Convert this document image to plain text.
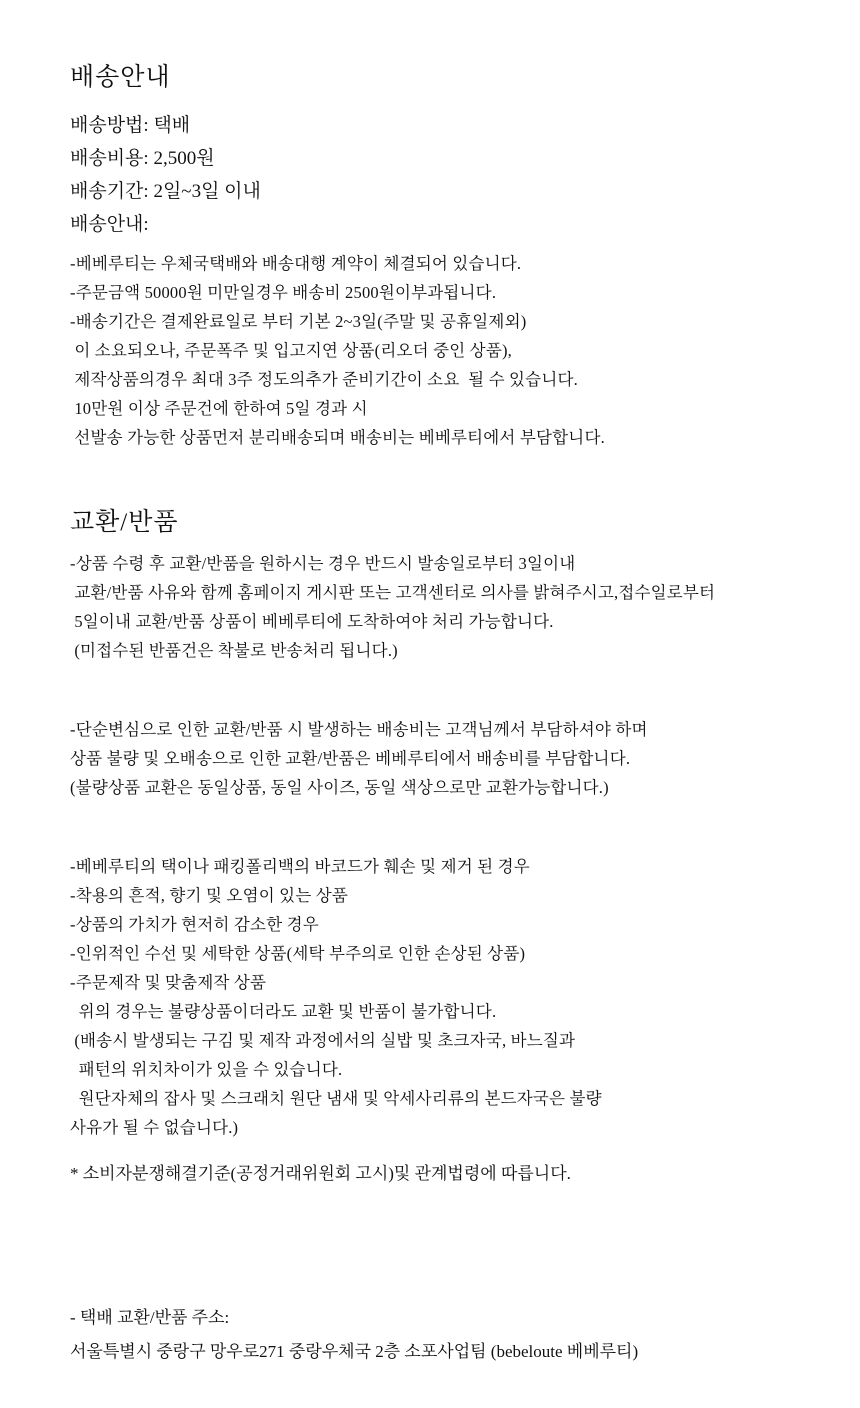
배송안내
배송방법: 택배
배송비용: 2,500원
배송기간: 2일~3일 이내
배송안내:
-베베루티는 우체국택배와 배송대행 계약이 체결되어 있습니다.
-주문금액 50000원 미만일경우 배송비 2500원이부과됩니다.
-배송기간은 결제완료일로 부터 기본 2~3일(주말 및 공휴일제외)
이 소요되오나, 주문폭주 및 입고지연 상품(리오더 중인 상품),
제작상품의경우 최대 3주 정도의추가 준비기간이 소요  될 수 있습니다.
10만원 이상 주문건에 한하여 5일 경과 시
선발송 가능한 상품먼저 분리배송되며 배송비는 베베루티에서 부담합니다.
교환/반품
-상품 수령 후 교환/반품을 원하시는 경우 반드시 발송일로부터 3일이내
교환/반품 사유와 함께 홈페이지 게시판 또는 고객센터로 의사를 밝혀주시고,접수일로부터
5일이내 교환/반품 상품이 베베루티에 도착하여야 처리 가능합니다.
(미접수된 반품건은 착불로 반송처리 됩니다.)
-단순변심으로 인한 교환/반품 시 발생하는 배송비는 고객님께서 부담하셔야 하며
상품 불량 및 오배송으로 인한 교환/반품은 베베루티에서 배송비를 부담합니다.
(불량상품 교환은 동일상품, 동일 사이즈, 동일 색상으로만 교환가능합니다.)
-베베루티의 택이나 패킹폴리백의 바코드가 훼손 및 제거 된 경우
-착용의 흔적, 향기 및 오염이 있는 상품
-상품의 가치가 현저히 감소한 경우
-인위적인 수선 및 세탁한 상품(세탁 부주의로 인한 손상된 상품)
-주문제작 및 맞춤제작 상품
위의 경우는 불량상품이더라도 교환 및 반품이 불가합니다.
(배송시 발생되는 구김 및 제작 과정에서의 실밥 및 초크자국, 바느질과
패턴의 위치차이가 있을 수 있습니다.
원단자체의 잡사 및 스크래치 원단 냄새 및 악세사리류의 본드자국은 불량
사유가 될 수 없습니다.)
* 소비자분쟁해결기준(공정거래위원회 고시)및 관계법령에 따릅니다.
- 택배 교환/반품 주소:
서울특별시 중랑구 망우로271 중랑우체국 2층 소포사업팀 (bebeloute 베베루티)
